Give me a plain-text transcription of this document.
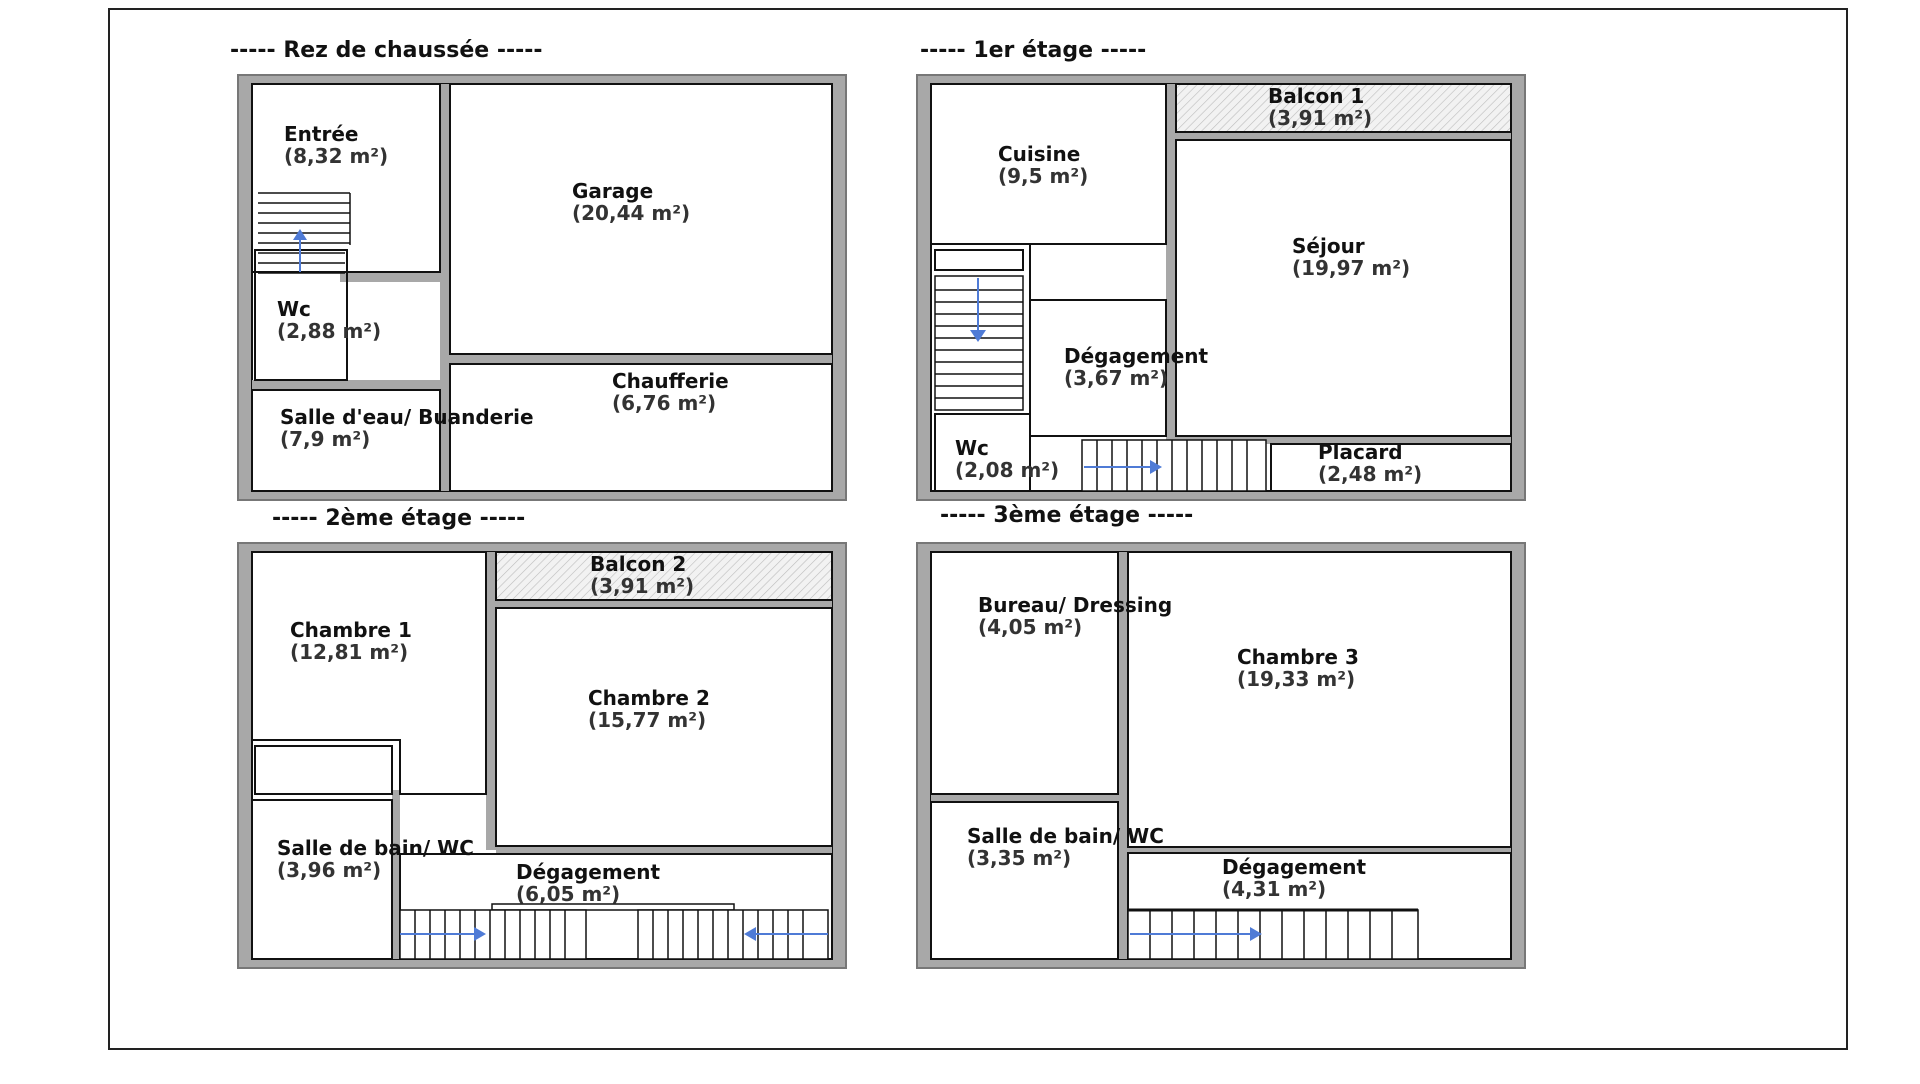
----- Rez de chaussée -----
Entrée
(8,32 m²)
Garage
(20,44 m²)
Wc
(2,88 m²)
Chaufferie
(6,76 m²)
Salle d'eau/ Buanderie
(7,9 m²)
----- 1er étage -----
Cuisine
(9,5 m²)
Balcon 1
(3,91 m²)
Séjour
(19,97 m²)
Dégagement
(3,67 m²)
Wc
(2,08 m²)
Placard
(2,48 m²)
----- 2ème étage -----
Chambre 1
(12,81 m²)
Balcon 2
(3,91 m²)
Chambre 2
(15,77 m²)
Salle de bain/ WC
(3,96 m²)	Dégagement
(6,05 m²)
----- 3ème étage -----
Bureau/ Dressing
(4,05 m²)
Chambre 3
(19,33 m²)
Salle de bain/ WC
(3,35 m²)	Dégagement
(4,31 m²)
